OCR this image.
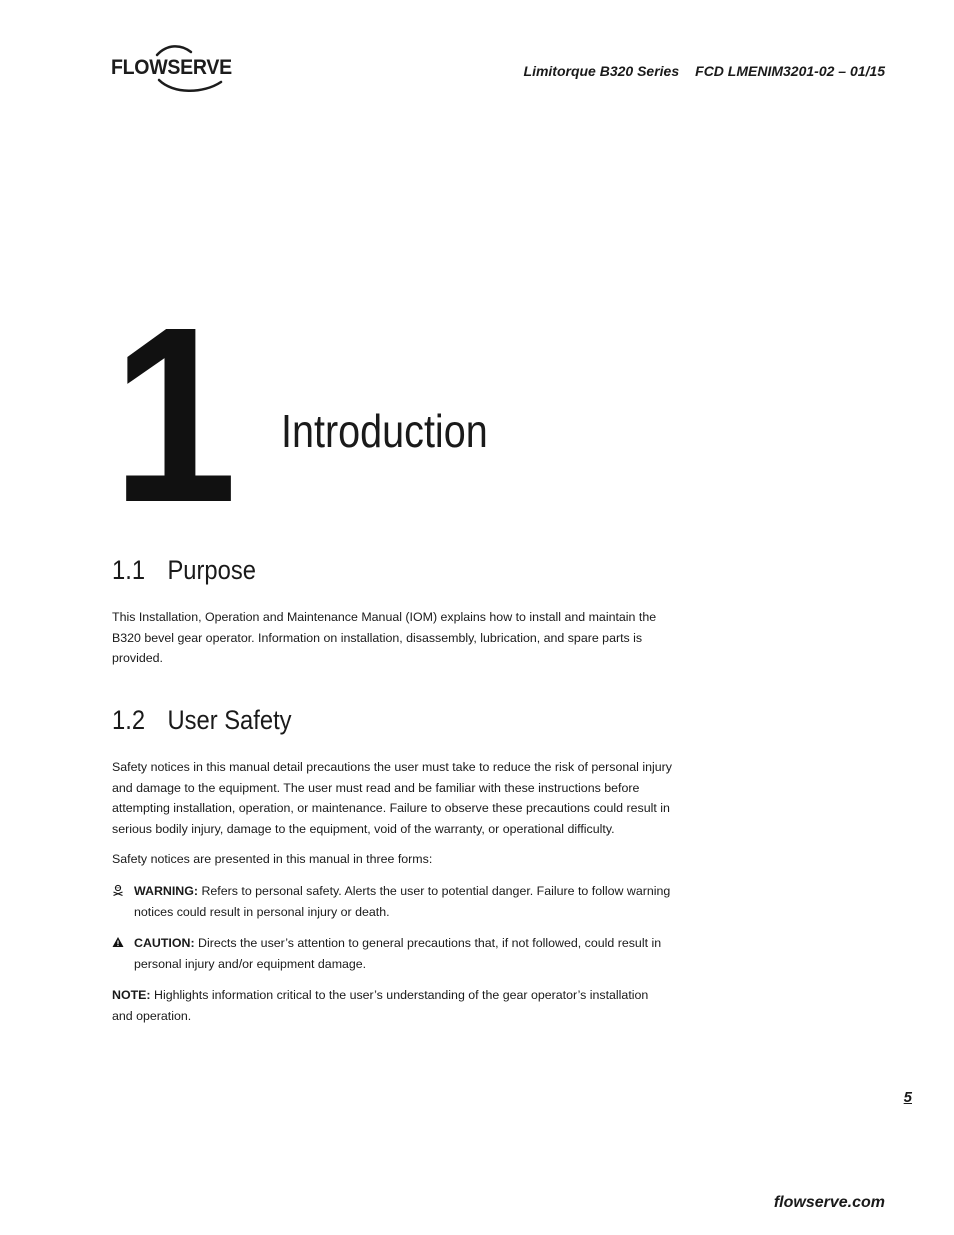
FLOWSERVE	Limitorque B320 Series FCD LMENIM3201-02 – 01/15
1 Introduction
1.1 Purpose

This Installation, Operation and Maintenance Manual (IOM) explains how to install and maintain the B320 bevel gear operator. Information on installation, disassembly, lubrication, and spare parts is provided.

1.2 User Safety

Safety notices in this manual detail precautions the user must take to reduce the risk of personal injury and damage to the equipment. The user must read and be familiar with these instructions before attempting installation, operation, or maintenance. Failure to observe these precautions could result in serious bodily injury, damage to the equipment, void of the warranty, or operational difficulty.

Safety notices are presented in this manual in three forms:

WARNING: Refers to personal safety. Alerts the user to potential danger. Failure to follow warning notices could result in personal injury or death.
CAUTION: Directs the user’s attention to general precautions that, if not followed, could result in personal injury and/or equipment damage.
NOTE: Highlights information critical to the user’s understanding of the gear operator’s installation and operation.
5
flowserve.com
